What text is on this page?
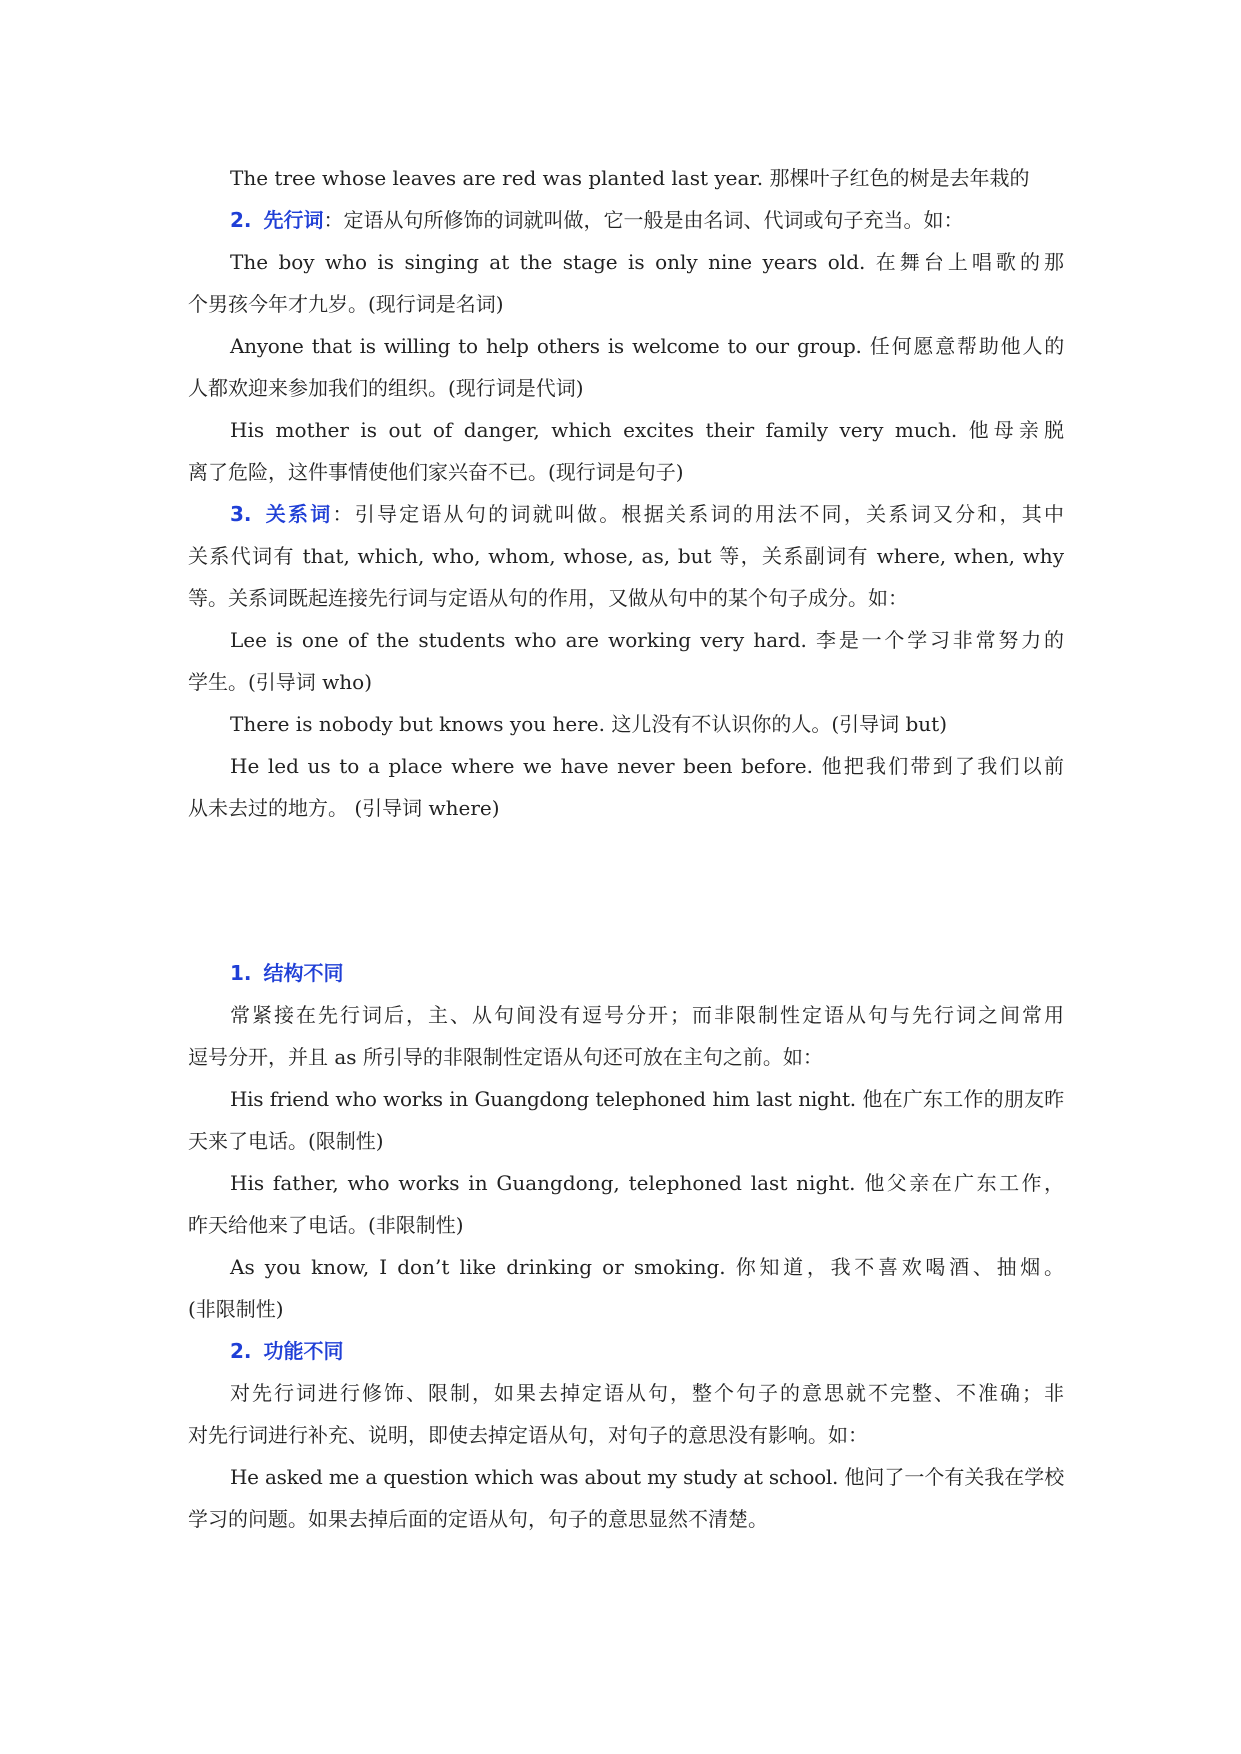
The tree whose leaves are red was planted last year. 那棵叶子红色的树是去年栽的
2. 先行词：定语从句所修饰的词就叫做，它一般是由名词、代词或句子充当。如：
The boy who is singing at the stage is only nine years old. 在舞台上唱歌的那
个男孩今年才九岁。(现行词是名词)
Anyone that is willing to help others is welcome to our group. 任何愿意帮助他人的
人都欢迎来参加我们的组织。(现行词是代词)
His mother is out of danger, which excites their family very much. 他母亲脱
离了危险，这件事情使他们家兴奋不已。(现行词是句子)
3. 关系词：引导定语从句的词就叫做。根据关系词的用法不同，关系词又分和，其中
关系代词有 that, which, who, whom, whose, as, but 等，关系副词有 where, when, why
等。关系词既起连接先行词与定语从句的作用，又做从句中的某个句子成分。如：
Lee is one of the students who are working very hard. 李是一个学习非常努力的
学生。(引导词 who)
There is nobody but knows you here. 这儿没有不认识你的人。(引导词 but)
He led us to a place where we have never been before. 他把我们带到了我们以前
从未去过的地方。 (引导词 where)
1. 结构不同
常紧接在先行词后，主、从句间没有逗号分开；而非限制性定语从句与先行词之间常用
逗号分开，并且 as 所引导的非限制性定语从句还可放在主句之前。如：
His friend who works in Guangdong telephoned him last night. 他在广东工作的朋友昨
天来了电话。(限制性)
His father, who works in Guangdong, telephoned last night. 他父亲在广东工作，
昨天给他来了电话。(非限制性)
As you know, I don’t like drinking or smoking. 你知道，我不喜欢喝酒、抽烟。
(非限制性)
2. 功能不同
对先行词进行修饰、限制，如果去掉定语从句，整个句子的意思就不完整、不准确；非
对先行词进行补充、说明，即使去掉定语从句，对句子的意思没有影响。如：
He asked me a question which was about my study at school. 他问了一个有关我在学校
学习的问题。如果去掉后面的定语从句，句子的意思显然不清楚。
